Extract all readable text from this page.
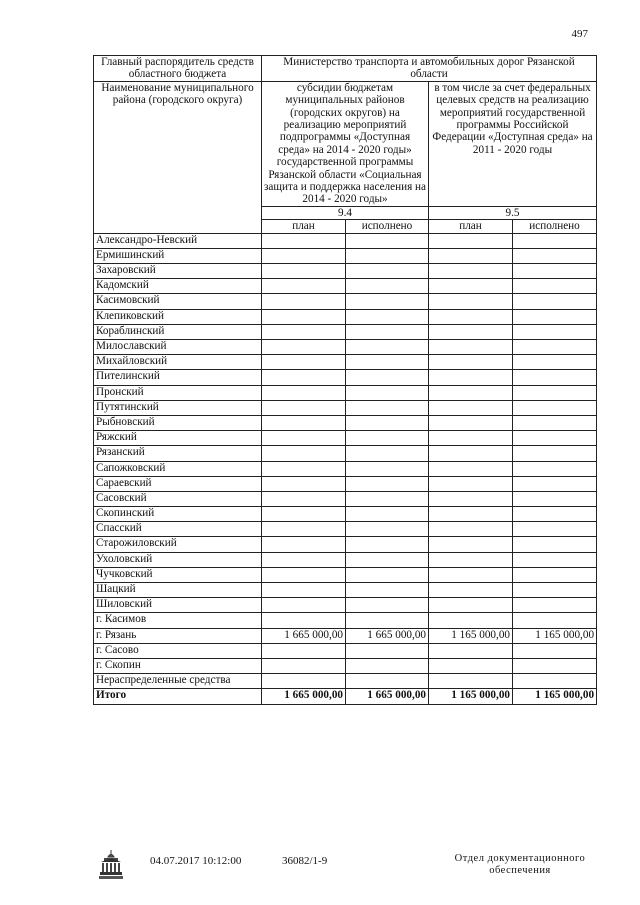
497
Главный распорядитель средств областного бюджета	Министерство транспорта и автомобильных дорог Рязанской области			
Наименование муниципального района (городского округа)	субсидии бюджетам муниципальных районов (городских округов) на реализацию мероприятий подпрограммы «Доступная среда» на 2014 - 2020 годы» государственной программы Рязанской области «Социальная защита и поддержка населения на 2014 - 2020 годы»		в том числе за счет федеральных целевых средств на реализацию мероприятий государственной программы Российской Федерации «Доступная среда» на 2011 - 2020 годы	
	9.4		9.5	
	план	исполнено	план	исполнено
Александро-Невский				
Ермишинский				
Захаровский				
Кадомский				
Касимовский				
Клепиковский				
Кораблинский				
Милославский				
Михайловский				
Пителинский				
Пронский				
Путятинский				
Рыбновский				
Ряжский				
Рязанский				
Сапожковский				
Сараевский				
Сасовский				
Скопинский				
Спасский				
Старожиловский				
Ухоловский				
Чучковский				
Шацкий				
Шиловский				
г. Касимов				
г. Рязань	1 665 000,00	1 665 000,00	1 165 000,00	1 165 000,00
г. Сасово				
г. Скопин				
Нераспределенные средства				
Итого	1 665 000,00	1 665 000,00	1 165 000,00	1 165 000,00
04.07.2017 10:12:00	36082/1-9	Отдел документационного обеспечения
